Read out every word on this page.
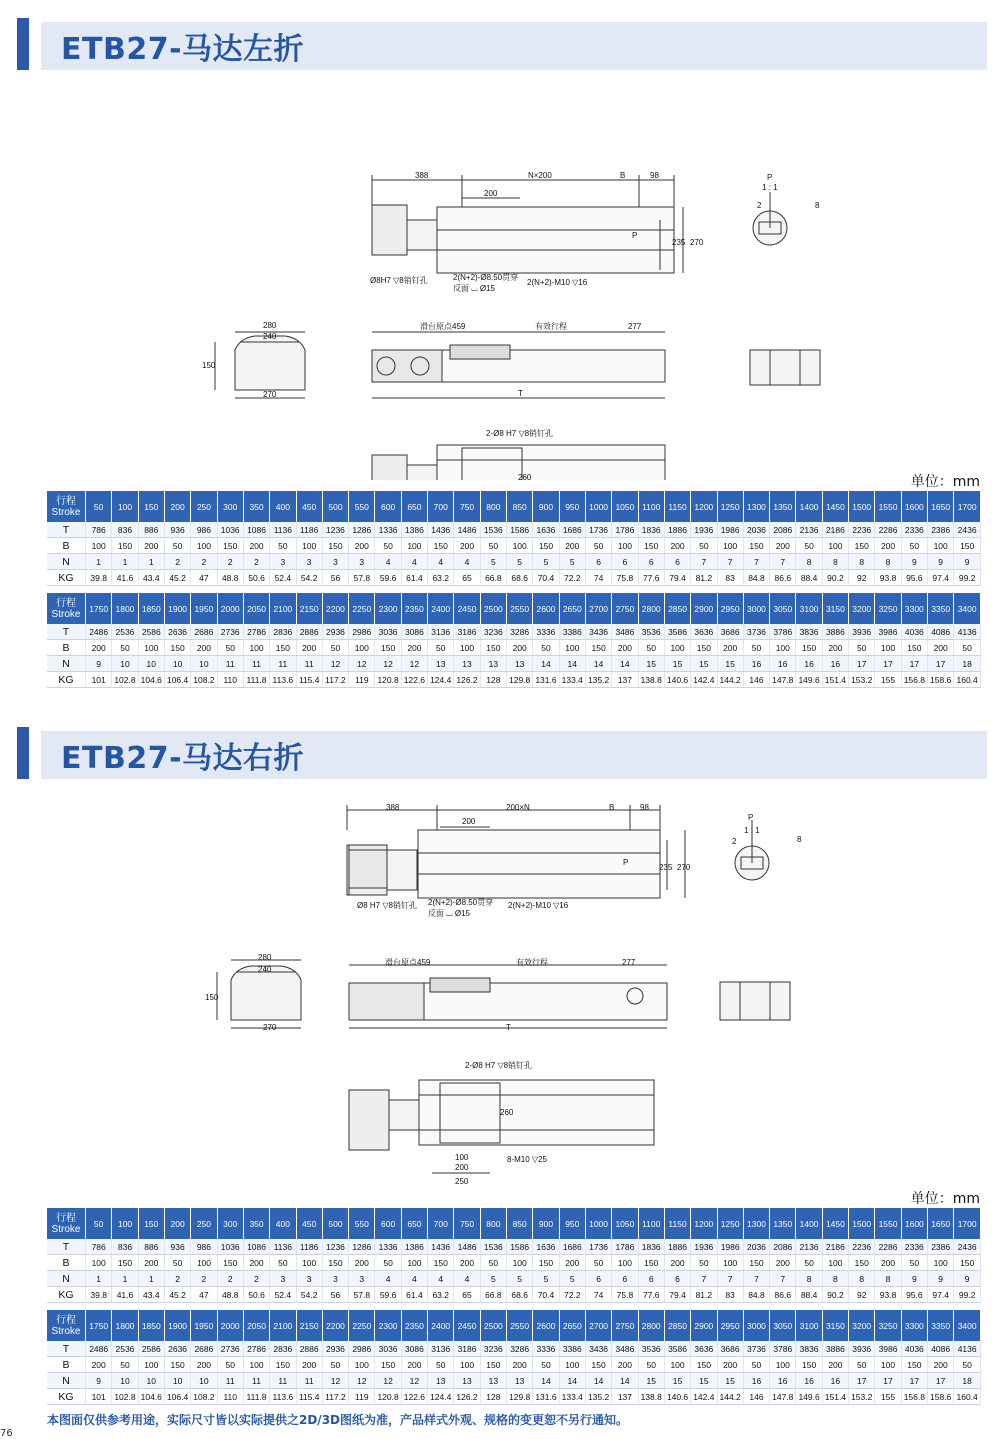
ETB27-马达左折
388	N×200	B	98
200
235 270
P
Ø8H7 ▽8销钉孔	2(N+2)-Ø8.50贯穿
反面 ⌴ Ø15
2(N+2)-M10 ▽16
P
1 : 1
2	8
280
240
150
270
滑台原点459	有效行程	277
T
2-Ø8 H7 ▽8销钉孔
260	单位：mm
行程
Stroke	50	100	150	200	250	300	350	400	450	500	550	600	650	700	750	800	850	900	950	1000	1050	1100	1150	1200	1250	1300	1350	1400	1450	1500	1550	1600	1650	1700
T	786	836	886	936	986	1036	1086	1136	1186	1236	1286	1336	1386	1436	1486	1536	1586	1636	1686	1736	1786	1836	1886	1936	1986	2036	2086	2136	2186	2236	2286	2336	2386	2436
B	100	150	200	50	100	150	200	50	100	150	200	50	100	150	200	50	100	150	200	50	100	150	200	50	100	150	200	50	100	150	200	50	100	150
N	1	1	1	2	2	2	2	3	3	3	3	4	4	4	4	5	5	5	5	6	6	6	6	7	7	7	7	8	8	8	8	9	9	9
KG	39.8	41.6	43.4	45.2	47	48.8	50.6	52.4	54.2	56	57.8	59.6	61.4	63.2	65	66.8	68.6	70.4	72.2	74	75.8	77.6	79.4	81.2	83	84.8	86.6	88.4	90.2	92	93.8	95.6	97.4	99.2
行程
Stroke	1750	1800	1850	1900	1950	2000	2050	2100	2150	2200	2250	2300	2350	2400	2450	2500	2550	2600	2650	2700	2750	2800	2850	2900	2950	3000	3050	3100	3150	3200	3250	3300	3350	3400
T	2486	2536	2586	2636	2686	2736	2786	2836	2886	2936	2986	3036	3086	3136	3186	3236	3286	3336	3386	3436	3486	3536	3586	3636	3686	3736	3786	3836	3886	3936	3986	4036	4086	4136
B	200	50	100	150	200	50	100	150	200	50	100	150	200	50	100	150	200	50	100	150	200	50	100	150	200	50	100	150	200	50	100	150	200	50
N	9	10	10	10	10	11	11	11	11	12	12	12	12	13	13	13	13	14	14	14	14	15	15	15	15	16	16	16	16	17	17	17	17	18
KG	101	102.8	104.6	106.4	108.2	110	111.8	113.6	115.4	117.2	119	120.8	122.6	124.4	126.2	128	129.8	131.6	133.4	135.2	137	138.8	140.6	142.4	144.2	146	147.8	149.6	151.4	153.2	155	156.8	158.6	160.4
ETB27-马达右折
388	200×N	B	98
200
235 270
P
Ø8 H7 ▽8销钉孔 2(N+2)-Ø8.50贯穿
反面 ⌴ Ø15
2(N+2)-M10 ▽16
P
1 : 1
2	8
280
240
150
270
滑台原点459	有效行程	277
T
2-Ø8 H7 ▽8销钉孔
260
100
200
250
8-M10 ▽25
单位：mm
行程
Stroke	50	100	150	200	250	300	350	400	450	500	550	600	650	700	750	800	850	900	950	1000	1050	1100	1150	1200	1250	1300	1350	1400	1450	1500	1550	1600	1650	1700
T	786	836	886	936	986	1036	1086	1136	1186	1236	1286	1336	1386	1436	1486	1536	1586	1636	1686	1736	1786	1836	1886	1936	1986	2036	2086	2136	2186	2236	2286	2336	2386	2436
B	100	150	200	50	100	150	200	50	100	150	200	50	100	150	200	50	100	150	200	50	100	150	200	50	100	150	200	50	100	150	200	50	100	150
N	1	1	1	2	2	2	2	3	3	3	3	4	4	4	4	5	5	5	5	6	6	6	6	7	7	7	7	8	8	8	8	9	9	9
KG	39.8	41.6	43.4	45.2	47	48.8	50.6	52.4	54.2	56	57.8	59.6	61.4	63.2	65	66.8	68.6	70.4	72.2	74	75.8	77.6	79.4	81.2	83	84.8	86.6	88.4	90.2	92	93.8	95.6	97.4	99.2
行程
Stroke	1750	1800	1850	1900	1950	2000	2050	2100	2150	2200	2250	2300	2350	2400	2450	2500	2550	2600	2650	2700	2750	2800	2850	2900	2950	3000	3050	3100	3150	3200	3250	3300	3350	3400
T	2486	2536	2586	2636	2686	2736	2786	2836	2886	2936	2986	3036	3086	3136	3186	3236	3286	3336	3386	3436	3486	3536	3586	3636	3686	3736	3786	3836	3886	3936	3986	4036	4086	4136
B	200	50	100	150	200	50	100	150	200	50	100	150	200	50	100	150	200	50	100	150	200	50	100	150	200	50	100	150	200	50	100	150	200	50
N	9	10	10	10	10	11	11	11	11	12	12	12	12	13	13	13	13	14	14	14	14	15	15	15	15	16	16	16	16	17	17	17	17	18
KG	101	102.8	104.6	106.4	108.2	110	111.8	113.6	115.4	117.2	119	120.8	122.6	124.4	126.2	128	129.8	131.6	133.4	135.2	137	138.8	140.6	142.4	144.2	146	147.8	149.6	151.4	153.2	155	156.8	158.6	160.4
本图面仅供参考用途，实际尺寸皆以实际提供之2D/3D图纸为准，产品样式外观、规格的变更恕不另行通知。
76
